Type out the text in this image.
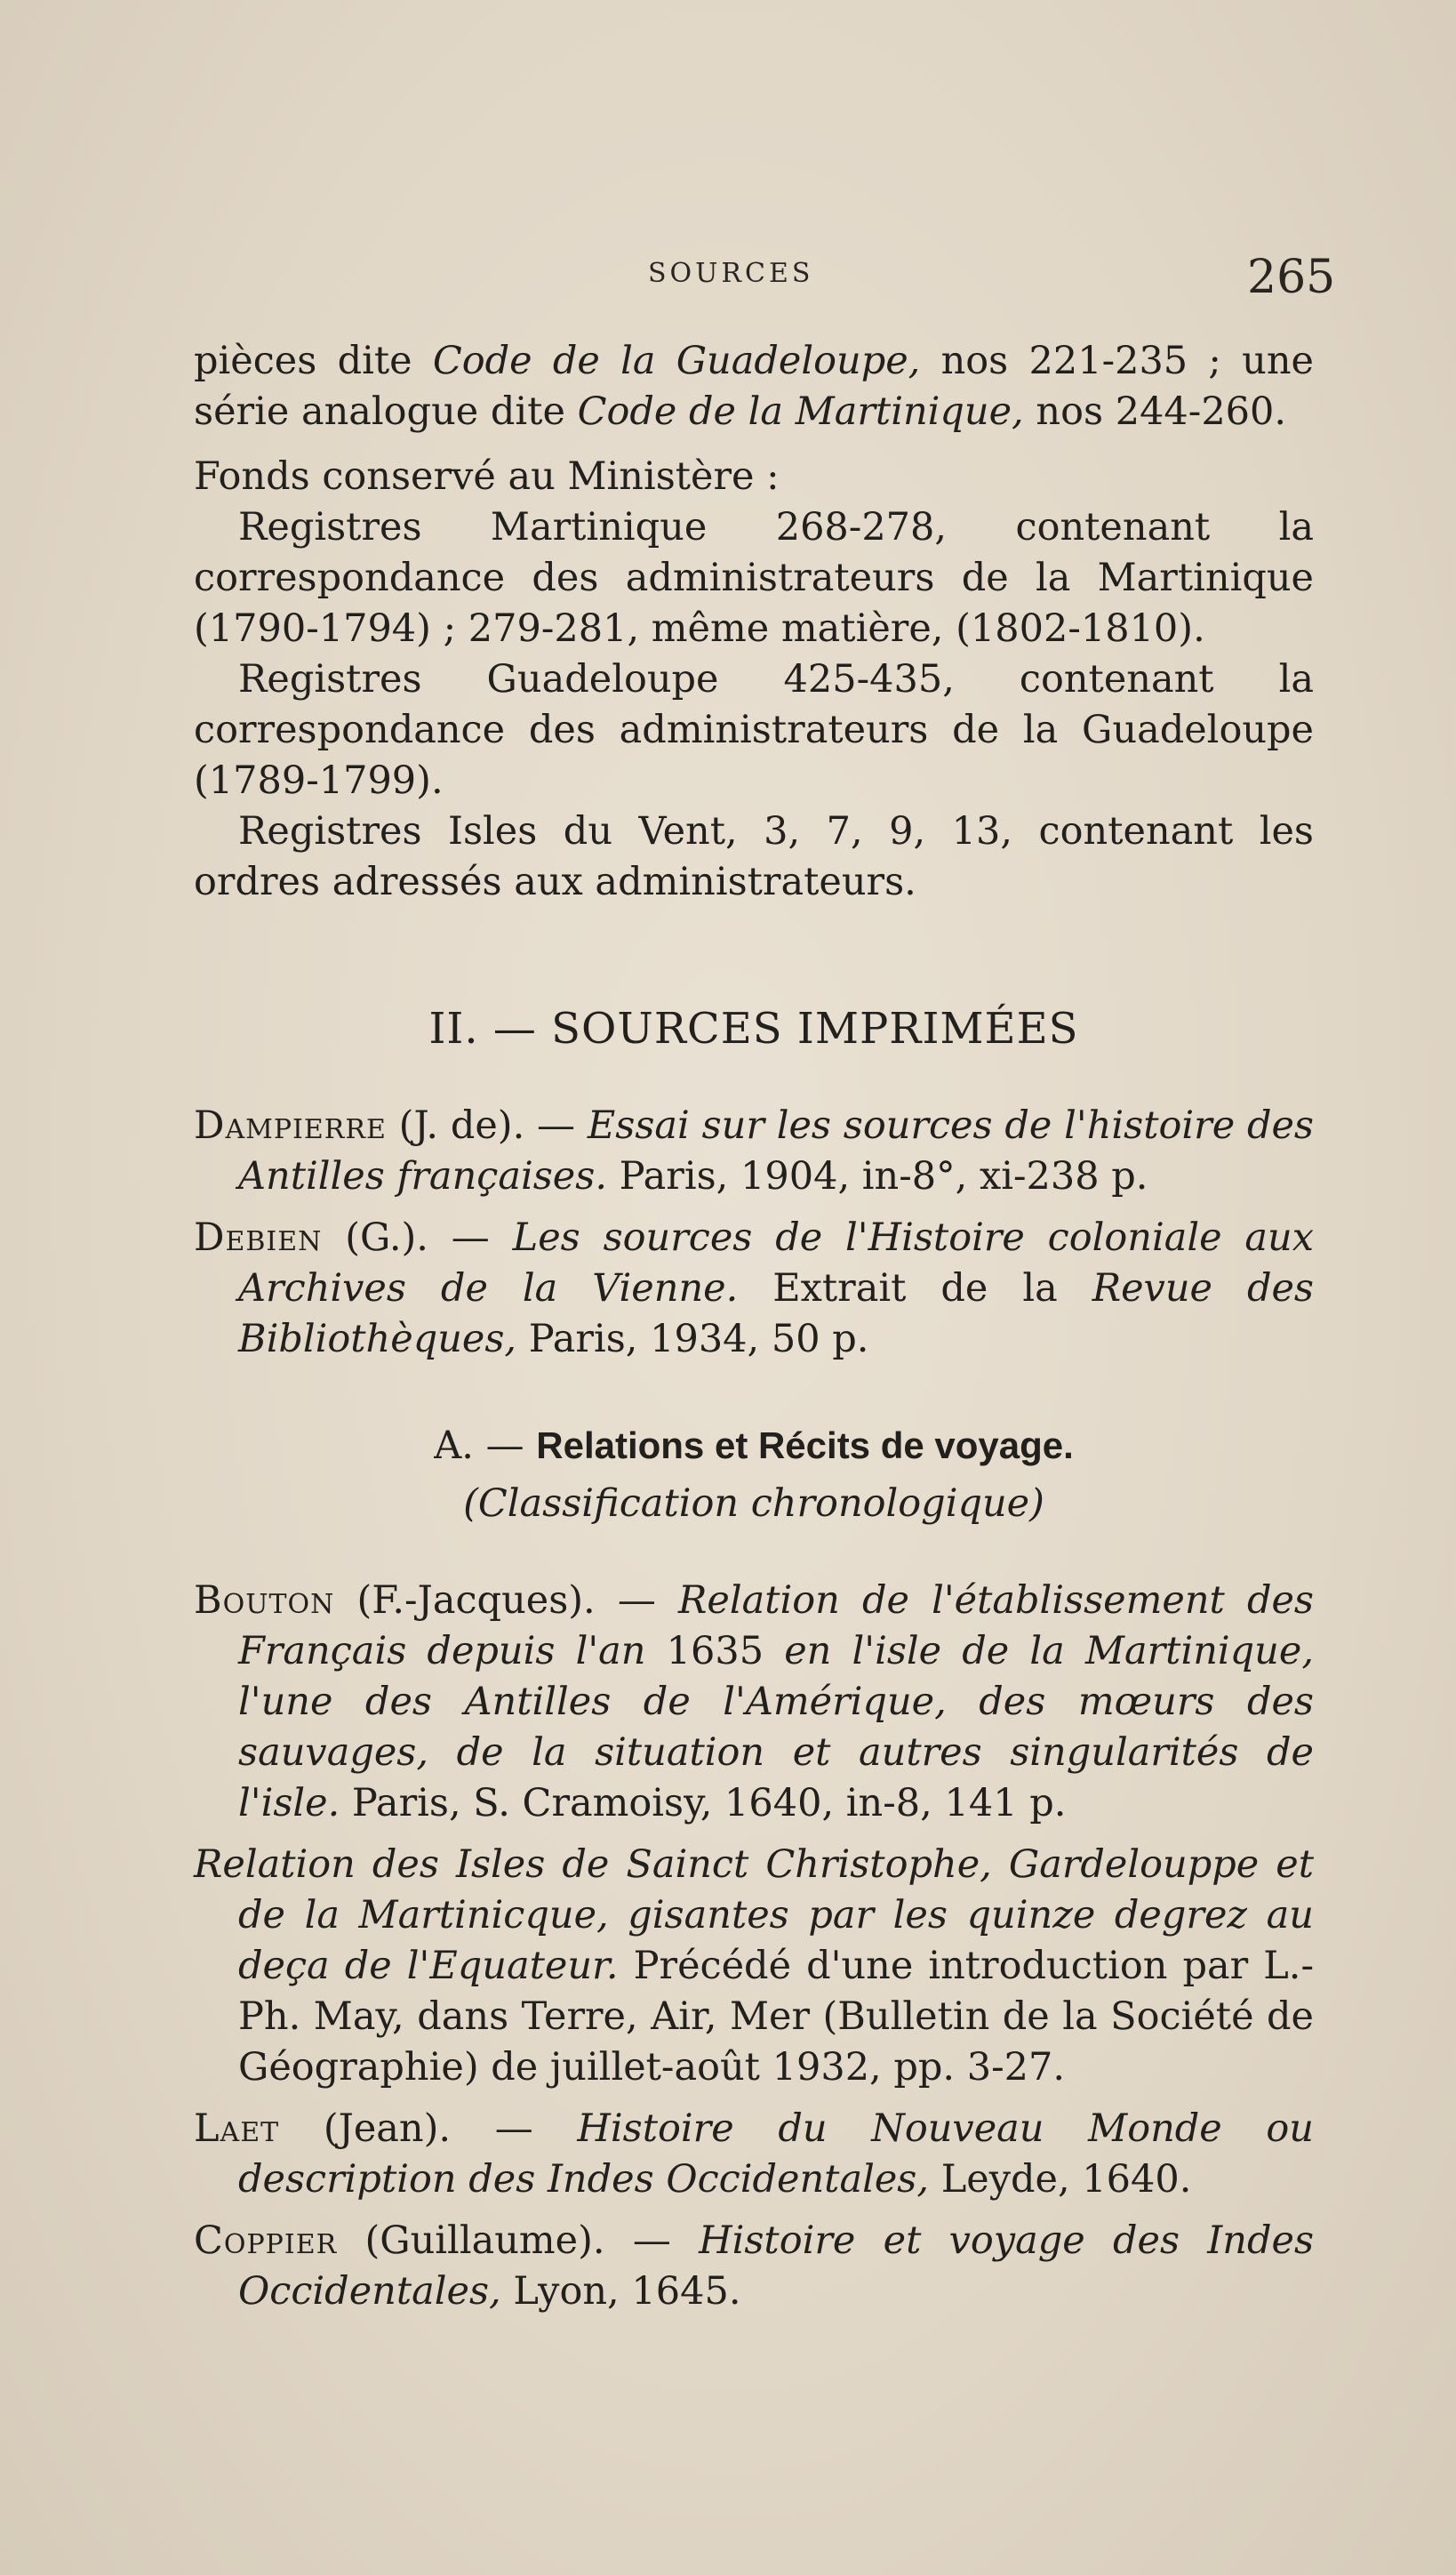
SOURCES	265

pièces dite Code de la Guadeloupe, nos 221-235 ; une série analogue dite Code de la Martinique, nos 244-260.

Fonds conservé au Ministère :

Registres Martinique 268-278, contenant la correspondance des administrateurs de la Martinique (1790-1794) ; 279-281, même matière, (1802-1810).

Registres Guadeloupe 425-435, contenant la correspondance des administrateurs de la Guadeloupe (1789-1799).

Registres Isles du Vent, 3, 7, 9, 13, contenant les ordres adressés aux administrateurs.

II. — SOURCES IMPRIMÉES

Dampierre (J. de). — Essai sur les sources de l'histoire des Antilles françaises. Paris, 1904, in-8°, xi-238 p.

Debien (G.). — Les sources de l'Histoire coloniale aux Archives de la Vienne. Extrait de la Revue des Bibliothèques, Paris, 1934, 50 p.

A. — Relations et Récits de voyage.
(Classification chronologique)

Bouton (F.-Jacques). — Relation de l'établissement des Français depuis l'an 1635 en l'isle de la Martinique, l'une des Antilles de l'Amérique, des mœurs des sauvages, de la situation et autres singularités de l'isle. Paris, S. Cramoisy, 1640, in-8, 141 p.

Relation des Isles de Sainct Christophe, Gardelouppe et de la Martinicque, gisantes par les quinze degrez au deça de l'Equateur. Précédé d'une introduction par L.-Ph. May, dans Terre, Air, Mer (Bulletin de la Société de Géographie) de juillet-août 1932, pp. 3-27.

Laet (Jean). — Histoire du Nouveau Monde ou description des Indes Occidentales, Leyde, 1640.

Coppier (Guillaume). — Histoire et voyage des Indes Occidentales, Lyon, 1645.
